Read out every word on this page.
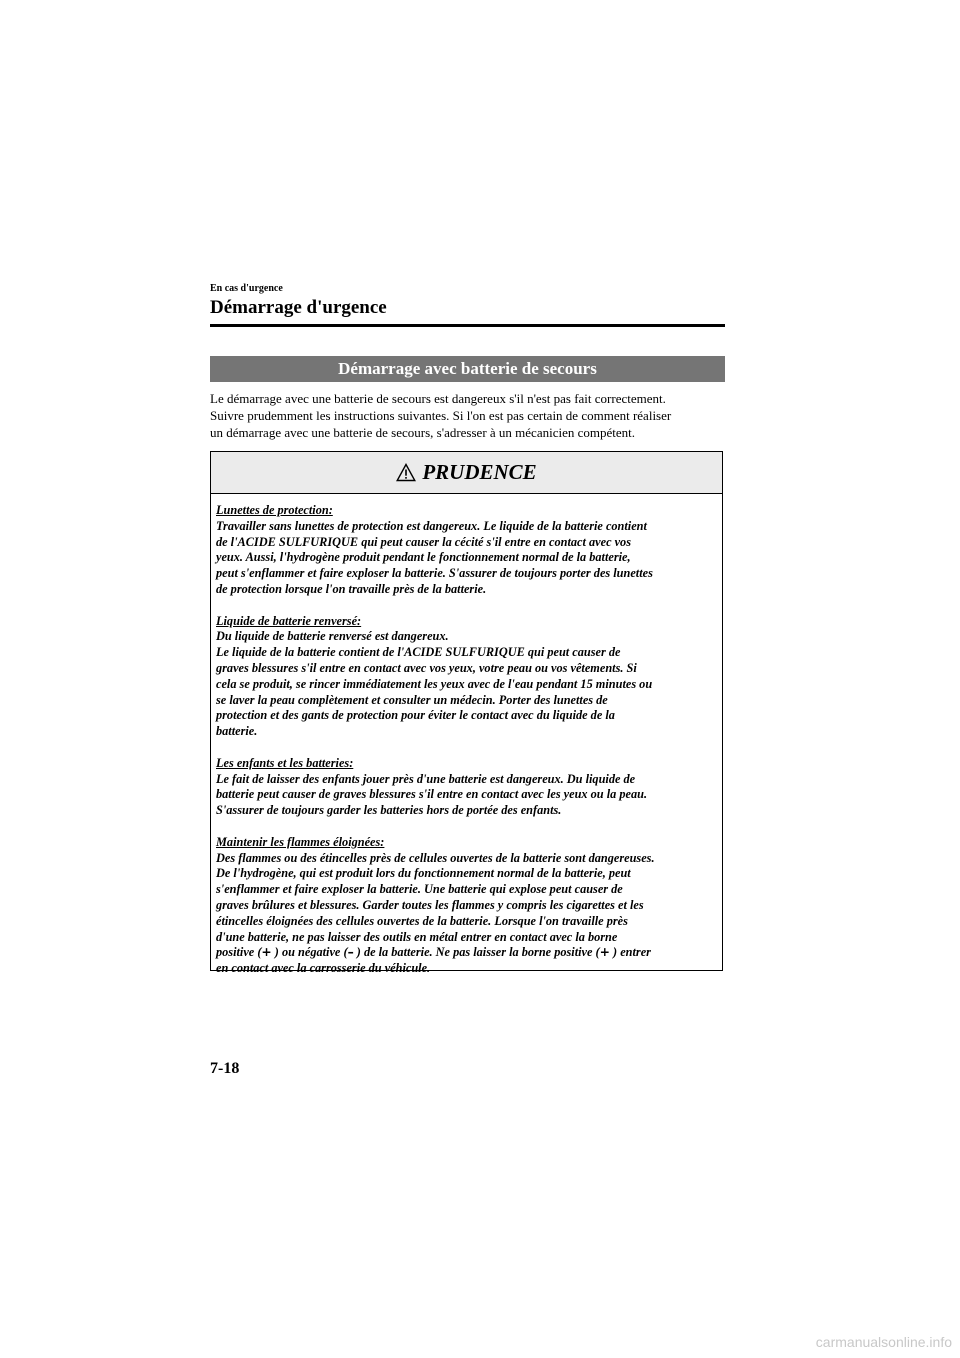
En cas d'urgence
Démarrage d'urgence
Démarrage avec batterie de secours

Le démarrage avec une batterie de secours est dangereux s'il n'est pas fait correctement.
Suivre prudemment les instructions suivantes. Si l'on est pas certain de comment réaliser
un démarrage avec une batterie de secours, s'adresser à un mécanicien compétent.

PRUDENCE
Lunettes de protection:
Travailler sans lunettes de protection est dangereux. Le liquide de la batterie contient
de l'ACIDE SULFURIQUE qui peut causer la cécité s'il entre en contact avec vos
yeux. Aussi, l'hydrogène produit pendant le fonctionnement normal de la batterie,
peut s'enflammer et faire exploser la batterie. S'assurer de toujours porter des lunettes
de protection lorsque l'on travaille près de la batterie.
Liquide de batterie renversé:
Du liquide de batterie renversé est dangereux.
Le liquide de la batterie contient de l'ACIDE SULFURIQUE qui peut causer de
graves blessures s'il entre en contact avec vos yeux, votre peau ou vos vêtements. Si
cela se produit, se rincer immédiatement les yeux avec de l'eau pendant 15 minutes ou
se laver la peau complètement et consulter un médecin. Porter des lunettes de
protection et des gants de protection pour éviter le contact avec du liquide de la
batterie.
Les enfants et les batteries:
Le fait de laisser des enfants jouer près d'une batterie est dangereux. Du liquide de
batterie peut causer de graves blessures s'il entre en contact avec les yeux ou la peau.
S'assurer de toujours garder les batteries hors de portée des enfants.
Maintenir les flammes éloignées:
Des flammes ou des étincelles près de cellules ouvertes de la batterie sont dangereuses.
De l'hydrogène, qui est produit lors du fonctionnement normal de la batterie, peut
s'enflammer et faire exploser la batterie. Une batterie qui explose peut causer de
graves brûlures et blessures. Garder toutes les flammes y compris les cigarettes et les
étincelles éloignées des cellules ouvertes de la batterie. Lorsque l'on travaille près
d'une batterie, ne pas laisser des outils en métal entrer en contact avec la borne
positive (+ ) ou négative (– ) de la batterie. Ne pas laisser la borne positive (+ ) entrer
en contact avec la carrosserie du véhicule.
7-18
carmanualsonline.info
